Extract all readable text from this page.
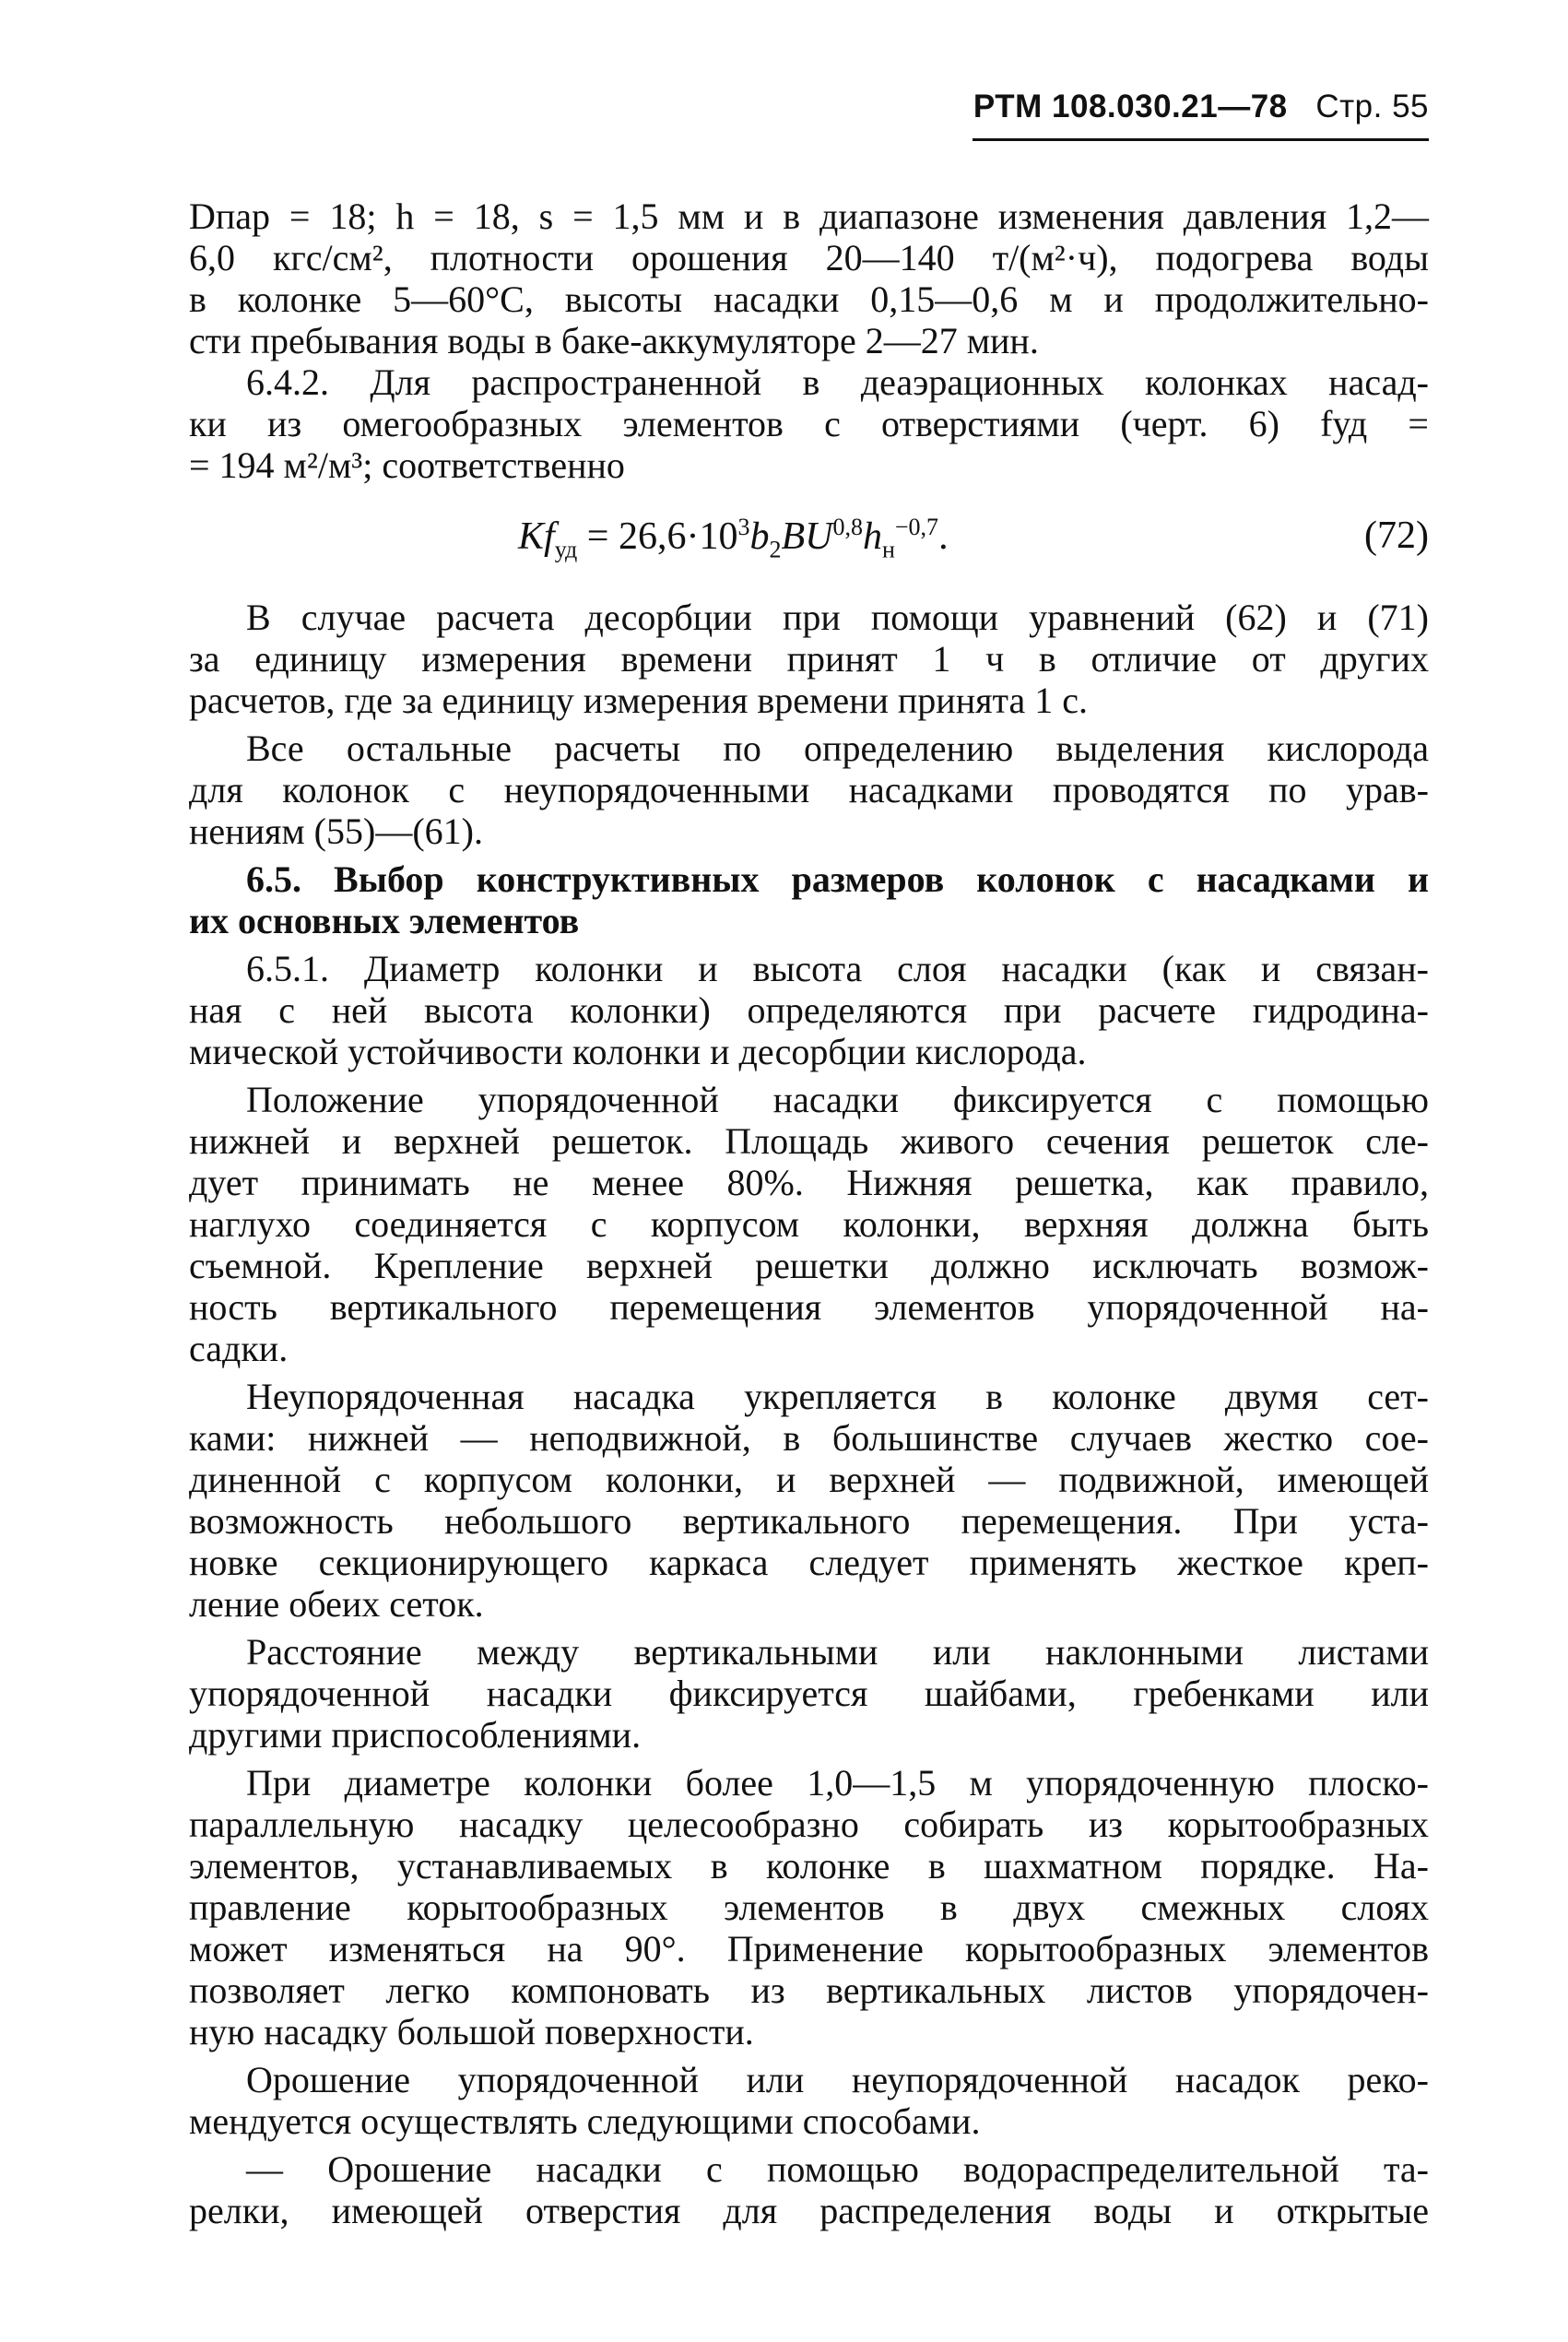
РТМ 108.030.21—78 Стр. 55
Dпар = 18; h = 18, s = 1,5 мм и в диапазоне изменения давления 1,2—
6,0 кгс/см², плотности орошения 20—140 т/(м²·ч), подогрева воды
в колонке 5—60°С, высоты насадки 0,15—0,6 м и продолжительно-
сти пребывания воды в баке-аккумуляторе 2—27 мин.
6.4.2. Для распространенной в деаэрационных колонках насад-
ки из омегообразных элементов с отверстиями (черт. 6) fуд =
= 194 м²/м³; соответственно
$Kf_{уд} = 26,6\cdot 10^3b_2BU^{0,8}h_н^{-0,7}$.	(72)
В случае расчета десорбции при помощи уравнений (62) и (71)
за единицу измерения времени принят 1 ч в отличие от других
расчетов, где за единицу измерения времени принята 1 с.
Все остальные расчеты по определению выделения кислорода
для колонок с неупорядоченными насадками проводятся по урав-
нениям (55)—(61).
6.5. Выбор конструктивных размеров колонок с насадками и
их основных элементов
6.5.1. Диаметр колонки и высота слоя насадки (как и связан-
ная с ней высота колонки) определяются при расчете гидродина-
мической устойчивости колонки и десорбции кислорода.
Положение упорядоченной насадки фиксируется с помощью
нижней и верхней решеток. Площадь живого сечения решеток сле-
дует принимать не менее 80%. Нижняя решетка, как правило,
наглухо соединяется с корпусом колонки, верхняя должна быть
съемной. Крепление верхней решетки должно исключать возмож-
ность вертикального перемещения элементов упорядоченной на-
садки.
Неупорядоченная насадка укрепляется в колонке двумя сет-
ками: нижней — неподвижной, в большинстве случаев жестко сое-
диненной с корпусом колонки, и верхней — подвижной, имеющей
возможность небольшого вертикального перемещения. При уста-
новке секционирующего каркаса следует применять жесткое креп-
ление обеих сеток.
Расстояние между вертикальными или наклонными листами
упорядоченной насадки фиксируется шайбами, гребенками или
другими приспособлениями.
При диаметре колонки более 1,0—1,5 м упорядоченную плоско-
параллельную насадку целесообразно собирать из корытообразных
элементов, устанавливаемых в колонке в шахматном порядке. На-
правление корытообразных элементов в двух смежных слоях
может изменяться на 90°. Применение корытообразных элементов
позволяет легко компоновать из вертикальных листов упорядочен-
ную насадку большой поверхности.
Орошение упорядоченной или неупорядоченной насадок реко-
мендуется осуществлять следующими способами.
— Орошение насадки с помощью водораспределительной та-
релки, имеющей отверстия для распределения воды и открытые
